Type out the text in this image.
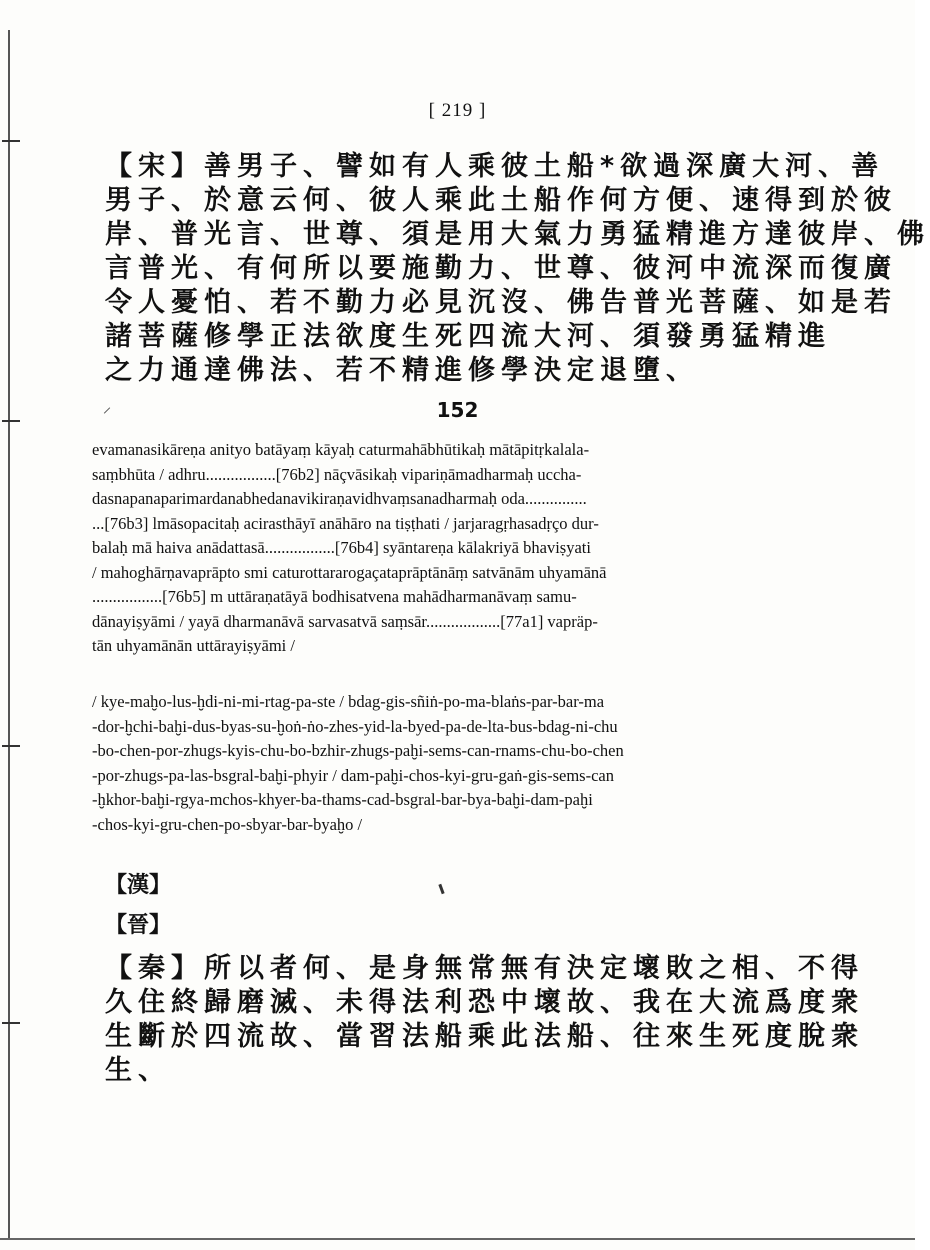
[ 219 ]
【宋】善男子、譬如有人乘彼土船*欲過深廣大河、善
男子、於意云何、彼人乘此土船作何方便、速得到於彼
岸、普光言、世尊、須是用大氣力勇猛精進方達彼岸、佛
言普光、有何所以要施勤力、世尊、彼河中流深而復廣
令人憂怕、若不勤力必見沉沒、佛告普光菩薩、如是若
諸菩薩修學正法欲度生死四流大河、須發勇猛精進
之力通達佛法、若不精進修學決定退墮、
152
evamanasikāreṇa anityo batāyaṃ kāyaḥ caturmahābhūtikaḥ mātāpitṛkalala-
saṃbhūta / adhru.................[76b2] nāçvāsikaḥ vipariṇāmadharmaḥ uccha-
dasnapanaparimardanabhedanavikiraṇavidhvaṃsanadharmaḥ oda...............
...[76b3] lmāsopacitaḥ acirasthāyī anāhāro na tiṣṭhati / jarjaragṛhasadṛço dur-
balaḥ mā haiva anādattasā.................[76b4] syāntareṇa kālakriyā bhaviṣyati
/ mahoghārṇavaprāpto smi caturottararogaçataprāptānāṃ satvānām uhyamānā
.................[76b5] m uttāraṇatāyā bodhisatvena mahādharmanāvaṃ samu-
dānayiṣyāmi / yayā dharmanāvā sarvasatvā saṃsār..................[77a1] vapräp-
tān uhyamānān uttārayiṣyāmi /
/ kye-maḫo-lus-ḫdi-ni-mi-rtag-pa-ste / bdag-gis-sñiṅ-po-ma-blaṅs-par-bar-ma
-dor-ḫchi-baḫi-dus-byas-su-ḫoṅ-ṅo-zhes-yid-la-byed-pa-de-lta-bus-bdag-ni-chu
-bo-chen-por-zhugs-kyis-chu-bo-bzhir-zhugs-paḫi-sems-can-rnams-chu-bo-chen
-por-zhugs-pa-las-bsgral-baḫi-phyir / dam-paḫi-chos-kyi-gru-gaṅ-gis-sems-can
-ḫkhor-baḫi-rgya-mchos-khyer-ba-thams-cad-bsgral-bar-bya-baḫi-dam-paḫi
-chos-kyi-gru-chen-po-sbyar-bar-byaḫo /
【漢】
【晉】
【秦】所以者何、是身無常無有決定壞敗之相、不得
久住終歸磨滅、未得法利恐中壞故、我在大流爲度衆
生斷於四流故、當習法船乘此法船、往來生死度脫衆
生、
